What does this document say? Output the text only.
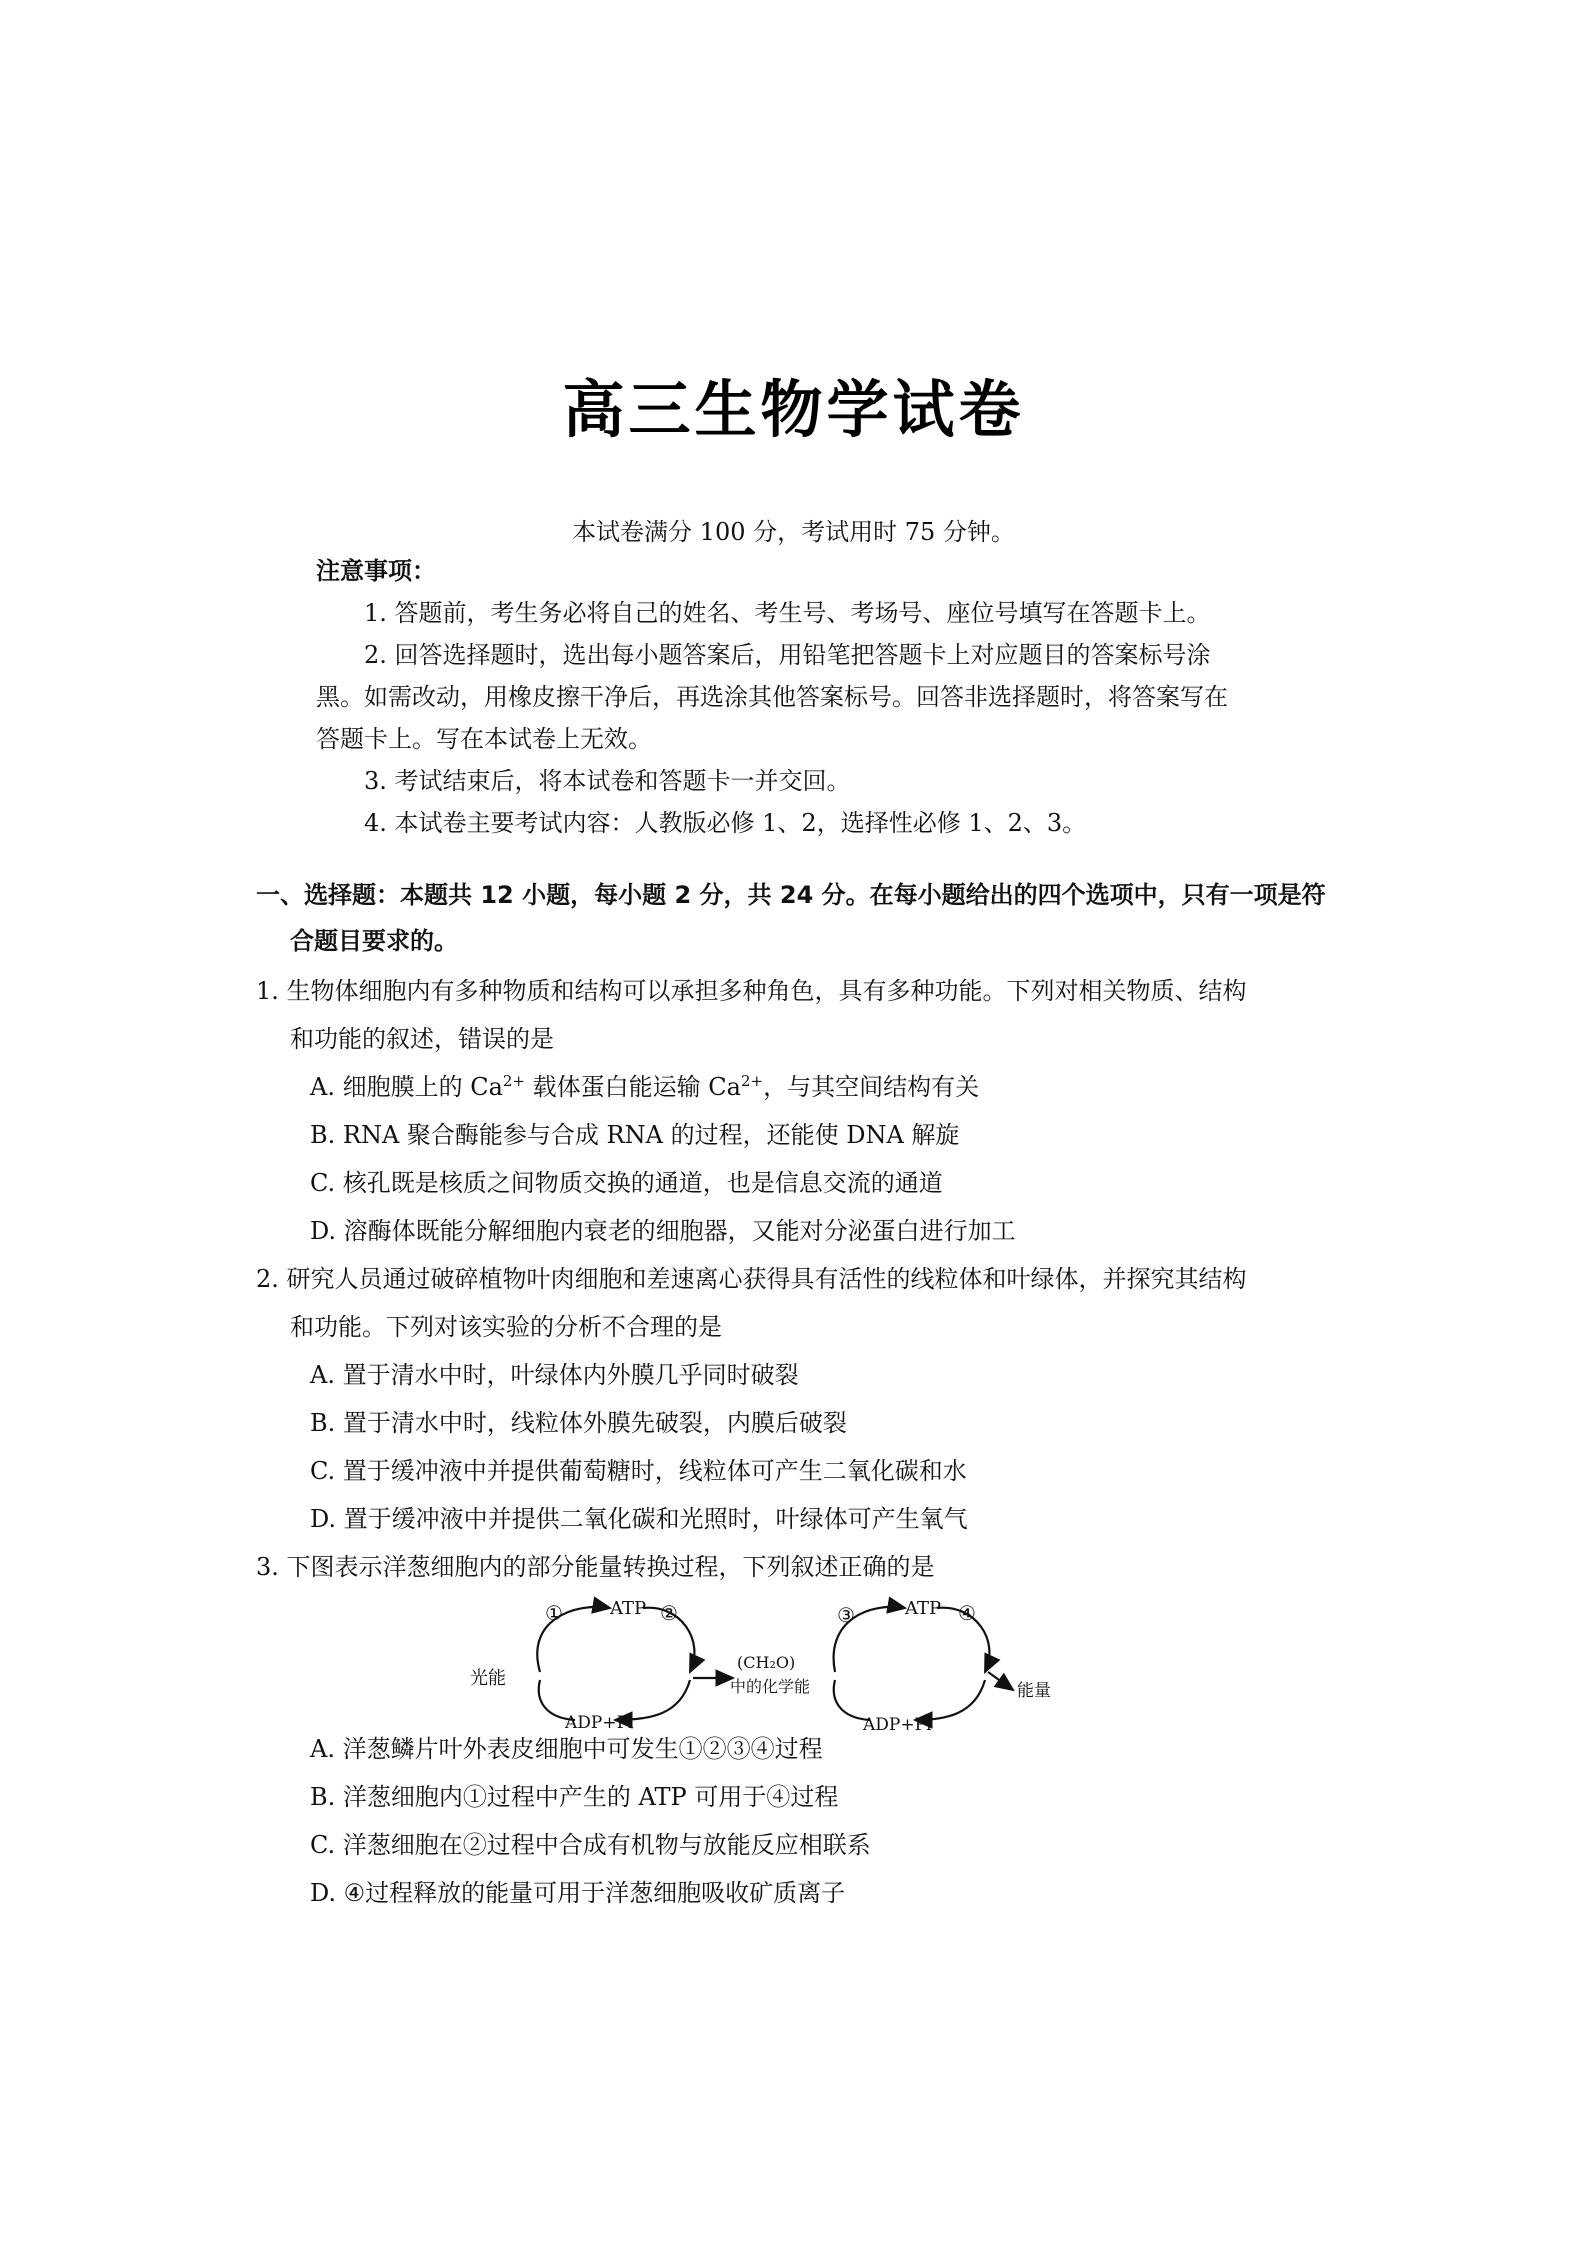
高三生物学试卷
本试卷满分 100 分，考试用时 75 分钟。
注意事项：
1. 答题前，考生务必将自己的姓名、考生号、考场号、座位号填写在答题卡上。
2. 回答选择题时，选出每小题答案后，用铅笔把答题卡上对应题目的答案标号涂
黑。如需改动，用橡皮擦干净后，再选涂其他答案标号。回答非选择题时，将答案写在
答题卡上。写在本试卷上无效。
3. 考试结束后，将本试卷和答题卡一并交回。
4. 本试卷主要考试内容：人教版必修 1、2，选择性必修 1、2、3。
一、选择题：本题共 12 小题，每小题 2 分，共 24 分。在每小题给出的四个选项中，只有一项是符
合题目要求的。
1. 生物体细胞内有多种物质和结构可以承担多种角色，具有多种功能。下列对相关物质、结构
和功能的叙述，错误的是
A. 细胞膜上的 $Ca^{2+}$ 载体蛋白能运输 $Ca^{2+}$，与其空间结构有关
B. RNA 聚合酶能参与合成 RNA 的过程，还能使 DNA 解旋
C. 核孔既是核质之间物质交换的通道，也是信息交流的通道
D. 溶酶体既能分解细胞内衰老的细胞器，又能对分泌蛋白进行加工
2. 研究人员通过破碎植物叶肉细胞和差速离心获得具有活性的线粒体和叶绿体，并探究其结构
和功能。下列对该实验的分析不合理的是
A. 置于清水中时，叶绿体内外膜几乎同时破裂
B. 置于清水中时，线粒体外膜先破裂，内膜后破裂
C. 置于缓冲液中并提供葡萄糖时，线粒体可产生二氧化碳和水
D. 置于缓冲液中并提供二氧化碳和光照时，叶绿体可产生氧气
3. 下图表示洋葱细胞内的部分能量转换过程，下列叙述正确的是
光能
①	ATP ②
ADP+Pi
(CH₂O)
中的化学能
③	ATP ④
ADP+Pi
能量
A. 洋葱鳞片叶外表皮细胞中可发生①②③④过程
B. 洋葱细胞内①过程中产生的 ATP 可用于④过程
C. 洋葱细胞在②过程中合成有机物与放能反应相联系
D. ④过程释放的能量可用于洋葱细胞吸收矿质离子
